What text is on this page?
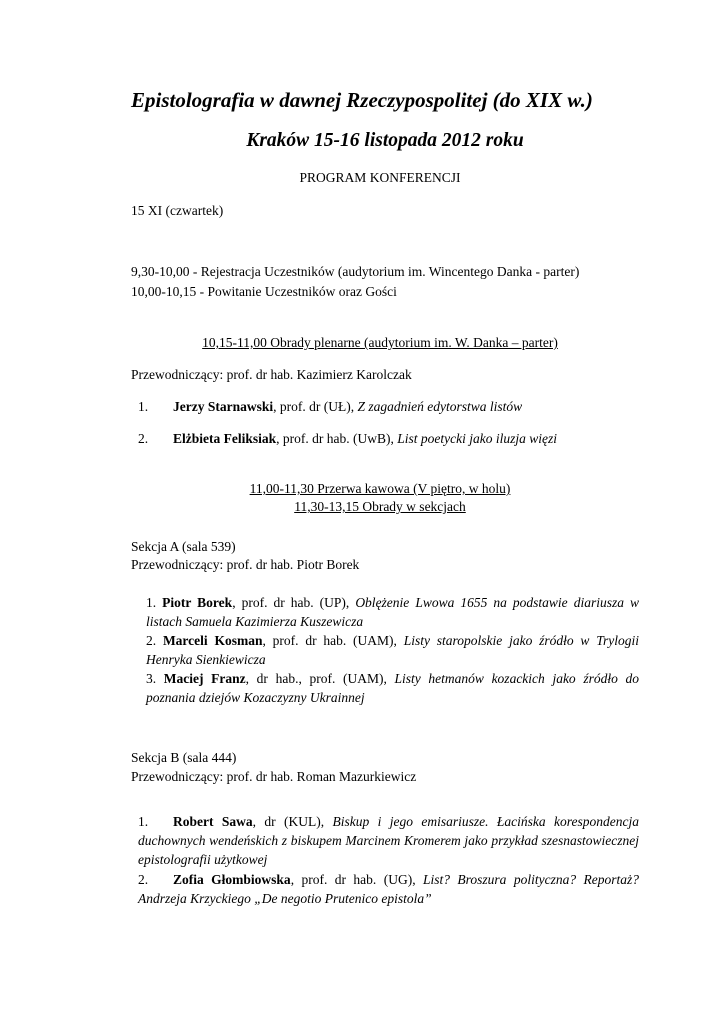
Epistolografia w dawnej Rzeczypospolitej (do XIX w.)
Kraków 15-16 listopada 2012 roku
PROGRAM KONFERENCJI
15 XI (czwartek)
9,30-10,00 - Rejestracja Uczestników (audytorium im. Wincentego Danka - parter)
10,00-10,15 - Powitanie Uczestników oraz Gości
10,15-11,00 Obrady plenarne (audytorium im. W. Danka – parter)
Przewodniczący: prof. dr hab. Kazimierz Karolczak
1. Jerzy Starnawski, prof. dr (UŁ), Z zagadnień edytorstwa listów
2. Elżbieta Feliksiak, prof. dr hab. (UwB), List poetycki jako iluzja więzi
11,00-11,30 Przerwa kawowa (V piętro, w holu)
11,30-13,15 Obrady w sekcjach
Sekcja A (sala 539)
Przewodniczący: prof. dr hab. Piotr Borek
1. Piotr Borek, prof. dr hab. (UP), Oblężenie Lwowa 1655 na podstawie diariusza w listach Samuela Kazimierza Kuszewicza
2. Marceli Kosman, prof. dr hab. (UAM), Listy staropolskie jako źródło w Trylogii Henryka Sienkiewicza
3. Maciej Franz, dr hab., prof. (UAM), Listy hetmanów kozackich jako źródło do poznania dziejów Kozaczyzny Ukrainnej
Sekcja B (sala 444)
Przewodniczący: prof. dr hab. Roman Mazurkiewicz
1. Robert Sawa, dr (KUL), Biskup i jego emisariusze. Łacińska korespondencja duchownych wendeńskich z biskupem Marcinem Kromerem jako przykład szesnastowiecznej epistolografii użytkowej
2. Zofia Głombiowska, prof. dr hab. (UG), List? Broszura polityczna? Reportaż? Andrzeja Krzyckiego „De negotio Prutenico epistola”
